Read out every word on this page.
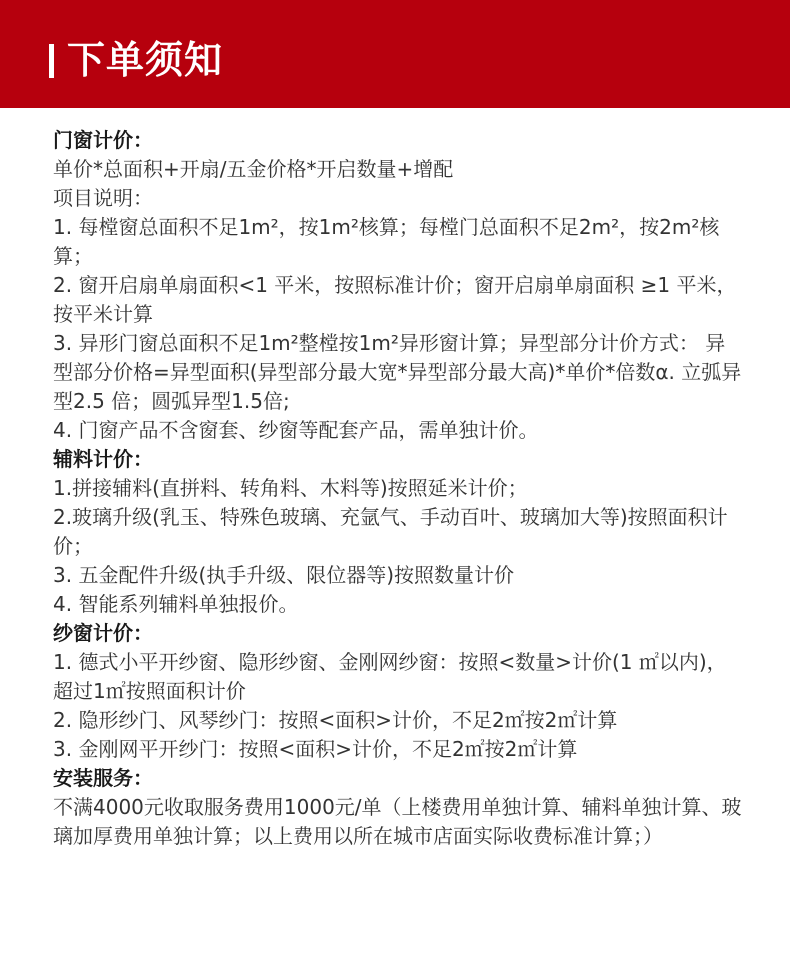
下单须知

门窗计价：

单价*总面积+开扇/五金价格*开启数量+增配

项目说明：

1. 每樘窗总面积不足1m²，按1m²核算；每樘门总面积不足2m²，按2m²核算；

2. 窗开启扇单扇面积<1 平米，按照标准计价；窗开启扇单扇面积 ≥1 平米，按平米计算

3. 异形门窗总面积不足1m²整樘按1m²异形窗计算；异型部分计价方式： 异型部分价格=异型面积(异型部分最大宽*异型部分最大高)*单价*倍数α. 立弧异型2.5 倍；圆弧异型1.5倍;

4. 门窗产品不含窗套、纱窗等配套产品，需单独计价。

辅料计价：

1.拼接辅料(直拼料、转角料、木料等)按照延米计价；

2.玻璃升级(乳玉、特殊色玻璃、充氩气、手动百叶、玻璃加大等)按照面积计价；

3. 五金配件升级(执手升级、限位器等)按照数量计价

4. 智能系列辅料单独报价。

纱窗计价：

1. 德式小平开纱窗、隐形纱窗、金刚网纱窗：按照<数量>计价(1 ㎡以内)，超过1㎡按照面积计价

2. 隐形纱门、风琴纱门：按照<面积>计价，不足2㎡按2㎡计算

3. 金刚网平开纱门：按照<面积>计价，不足2㎡按2㎡计算

安装服务：

不满4000元收取服务费用1000元/单（上楼费用单独计算、辅料单独计算、玻璃加厚费用单独计算；以上费用以所在城市店面实际收费标准计算；）
